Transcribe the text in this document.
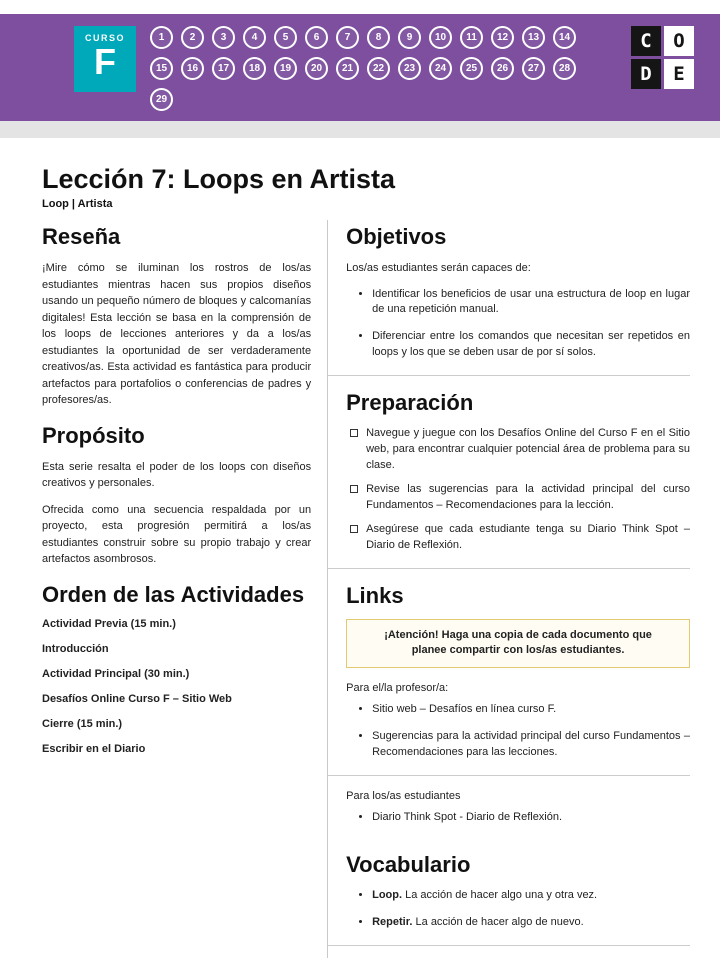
CURSO
F
1	2	3	4	5	6	7	8	9	10	11	12	13	14
15	16	17	18	19	20	21	22	23	24	25	26	27	28
29
C	O
D	E
Lección 7: Loops en Artista
Loop | Artista
Reseña

¡Mire cómo se iluminan los rostros de los/as estudiantes mientras hacen sus propios diseños usando un pequeño número de bloques y calcomanías digitales! Esta lección se basa en la comprensión de los loops de lecciones anteriores y da a los/as estudiantes la oportunidad de ser verdaderamente creativos/as. Esta actividad es fantástica para producir artefactos para portafolios o conferencias de padres y profesores/as.

Propósito

Esta serie resalta el poder de los loops con diseños creativos y personales.

Ofrecida como una secuencia respaldada por un proyecto, esta progresión permitirá a los/as estudiantes construir sobre su propio trabajo y crear artefactos asombrosos.

Orden de las Actividades
Actividad Previa (15 min.)
Introducción
Actividad Principal (30 min.)
Desafíos Online Curso F – Sitio Web
Cierre (15 min.)
Escribir en el Diario
Objetivos

Los/as estudiantes serán capaces de:

• Identificar los beneficios de usar una estructura de loop en lugar de una repetición manual.
• Diferenciar entre los comandos que necesitan ser repetidos en loops y los que se deben usar de por sí solos.
Preparación
Navegue y juegue con los Desafíos Online del Curso F en el Sitio web, para encontrar cualquier potencial área de problema para su clase.
Revise las sugerencias para la actividad principal del curso Fundamentos – Recomendaciones para la lección.
Asegúrese que cada estudiante tenga su Diario Think Spot – Diario de Reflexión.
Links
¡Atención! Haga una copia de cada documento que planee compartir con los/as estudiantes.

Para el/la profesor/a:

• Sitio web – Desafíos en línea curso F.
• Sugerencias para la actividad principal del curso Fundamentos – Recomendaciones para las lecciones.

Para los/as estudiantes

• Diario Think Spot - Diario de Reflexión.
Vocabulario
• Loop. La acción de hacer algo una y otra vez.
• Repetir. La acción de hacer algo de nuevo.
